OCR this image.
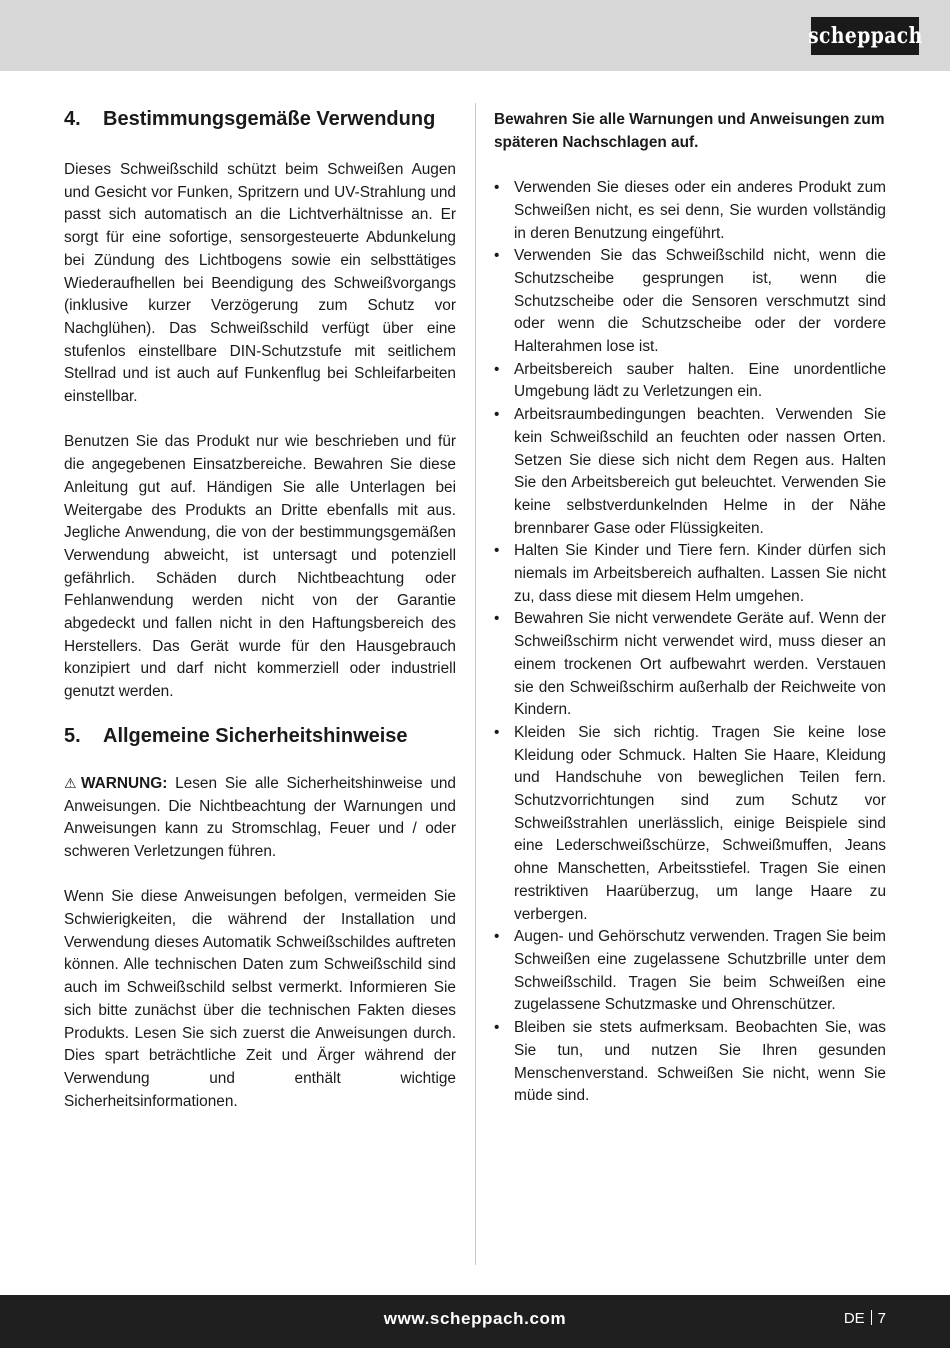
scheppach
4.	Bestimmungsgemäße Verwendung

Dieses Schweißschild schützt beim Schweißen Augen und Gesicht vor Funken, Spritzern und UV-Strahlung und passt sich automatisch an die Lichtverhältnisse an. Er sorgt für eine sofortige, sensorgesteuerte Abdunkelung bei Zündung des Lichtbogens sowie ein selbsttätiges Wiederaufhellen bei Beendigung des Schweißvorgangs (inklusive kurzer Verzögerung zum Schutz vor Nachglühen). Das Schweißschild verfügt über eine stufenlos einstellbare DIN-Schutzstufe mit seitlichem Stellrad und ist auch auf Funkenflug bei Schleifarbeiten einstellbar.

Benutzen Sie das Produkt nur wie beschrieben und für die angegebenen Einsatzbereiche. Bewahren Sie diese Anleitung gut auf. Händigen Sie alle Unterlagen bei Weitergabe des Produkts an Dritte ebenfalls mit aus. Jegliche Anwendung, die von der bestimmungsgemäßen Verwendung abweicht, ist untersagt und potenziell gefährlich. Schäden durch Nichtbeachtung oder Fehlanwendung werden nicht von der Garantie abgedeckt und fallen nicht in den Haftungsbereich des Herstellers. Das Gerät wurde für den Hausgebrauch konzipiert und darf nicht kommerziell oder industriell genutzt werden.

5.	Allgemeine Sicherheitshinweise

⚠ WARNUNG: Lesen Sie alle Sicherheitshinweise und Anweisungen. Die Nichtbeachtung der Warnungen und Anweisungen kann zu Stromschlag, Feuer und / oder schweren Verletzungen führen.

Wenn Sie diese Anweisungen befolgen, vermeiden Sie Schwierigkeiten, die während der Installation und Verwendung dieses Automatik Schweißschildes auftreten können. Alle technischen Daten zum Schweißschild sind auch im Schweißschild selbst vermerkt. Informieren Sie sich bitte zunächst über die technischen Fakten dieses Produkts. Lesen Sie sich zuerst die Anweisungen durch. Dies spart beträchtliche Zeit und Ärger während der Verwendung und enthält wichtige Sicherheitsinformationen.

Bewahren Sie alle Warnungen und Anweisungen zum späteren Nachschlagen auf.

• Verwenden Sie dieses oder ein anderes Produkt zum Schweißen nicht, es sei denn, Sie wurden vollständig in deren Benutzung eingeführt.
• Verwenden Sie das Schweißschild nicht, wenn die Schutzscheibe gesprungen ist, wenn die Schutzscheibe oder die Sensoren verschmutzt sind oder wenn die Schutzscheibe oder der vordere Halterahmen lose ist.
• Arbeitsbereich sauber halten. Eine unordentliche Umgebung lädt zu Verletzungen ein.
• Arbeitsraumbedingungen beachten. Verwenden Sie kein Schweißschild an feuchten oder nassen Orten. Setzen Sie diese sich nicht dem Regen aus. Halten Sie den Arbeitsbereich gut beleuchtet. Verwenden Sie keine selbstverdunkelnden Helme in der Nähe brennbarer Gase oder Flüssigkeiten.
• Halten Sie Kinder und Tiere fern. Kinder dürfen sich niemals im Arbeitsbereich aufhalten. Lassen Sie nicht zu, dass diese mit diesem Helm umgehen.
• Bewahren Sie nicht verwendete Geräte auf. Wenn der Schweißschirm nicht verwendet wird, muss dieser an einem trockenen Ort aufbewahrt werden. Verstauen sie den Schweißschirm außerhalb der Reichweite von Kindern.
• Kleiden Sie sich richtig. Tragen Sie keine lose Kleidung oder Schmuck. Halten Sie Haare, Kleidung und Handschuhe von beweglichen Teilen fern. Schutzvorrichtungen sind zum Schutz vor Schweißstrahlen unerlässlich, einige Beispiele sind eine Lederschweißschürze, Schweißmuffen, Jeans ohne Manschetten, Arbeitsstiefel. Tragen Sie einen restriktiven Haarüberzug, um lange Haare zu verbergen.
• Augen- und Gehörschutz verwenden. Tragen Sie beim Schweißen eine zugelassene Schutzbrille unter dem Schweißschild. Tragen Sie beim Schweißen eine zugelassene Schutzmaske und Ohrenschützer.
• Bleiben sie stets aufmerksam. Beobachten Sie, was Sie tun, und nutzen Sie Ihren gesunden Menschenverstand. Schweißen Sie nicht, wenn Sie müde sind.
www.scheppach.com	DE 7
